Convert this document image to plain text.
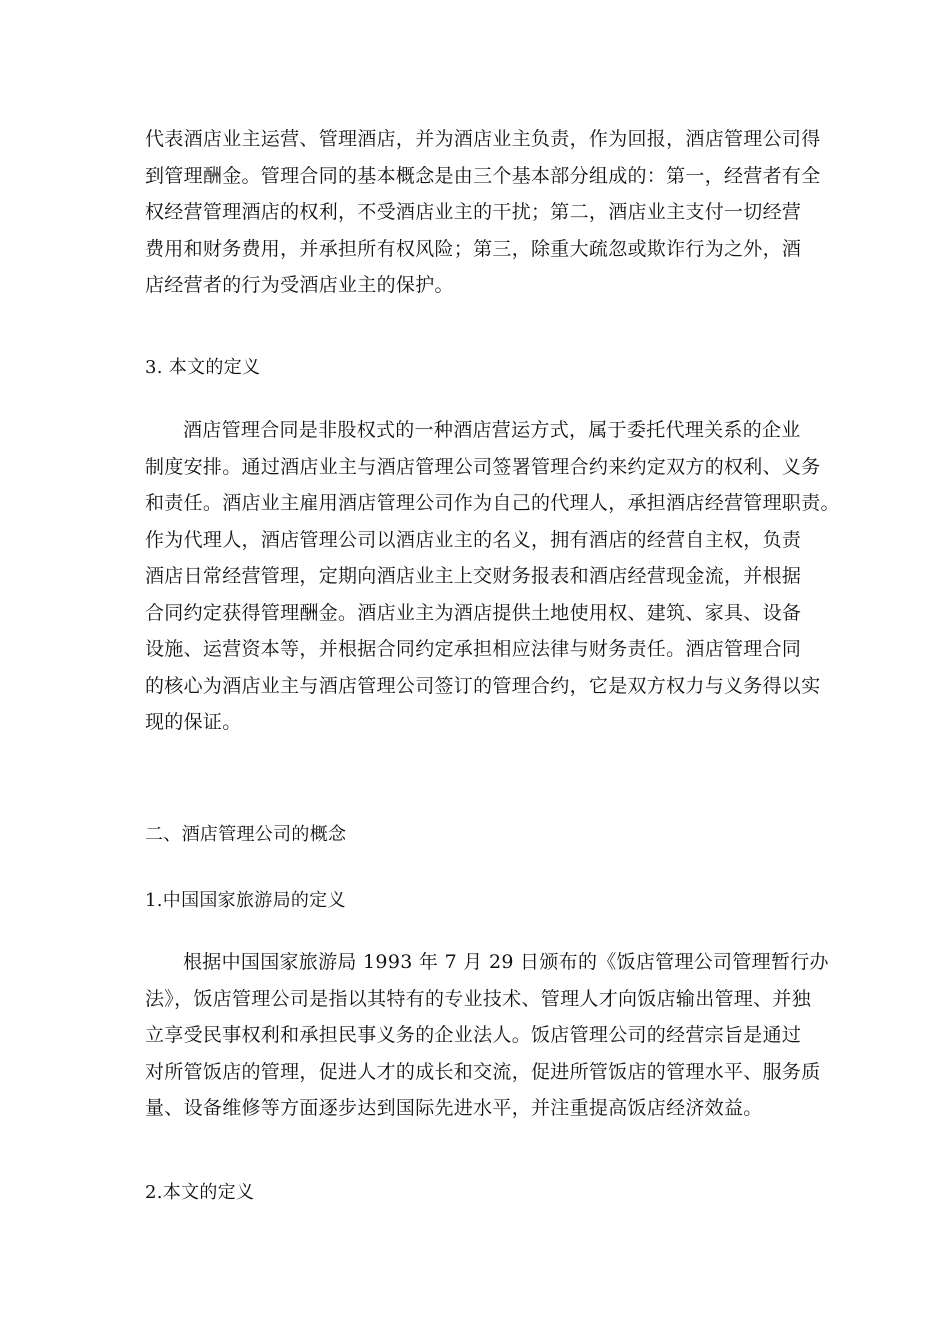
代表酒店业主运营、管理酒店，并为酒店业主负责，作为回报，酒店管理公司得
到管理酬金。管理合同的基本概念是由三个基本部分组成的：第一，经营者有全
权经营管理酒店的权利，不受酒店业主的干扰；第二，酒店业主支付一切经营
费用和财务费用，并承担所有权风险；第三，除重大疏忽或欺诈行为之外，酒
店经营者的行为受酒店业主的保护。
3. 本文的定义
酒店管理合同是非股权式的一种酒店营运方式，属于委托代理关系的企业
制度安排。通过酒店业主与酒店管理公司签署管理合约来约定双方的权利、义务
和责任。酒店业主雇用酒店管理公司作为自己的代理人，承担酒店经营管理职责。
作为代理人，酒店管理公司以酒店业主的名义，拥有酒店的经营自主权，负责
酒店日常经营管理，定期向酒店业主上交财务报表和酒店经营现金流，并根据
合同约定获得管理酬金。酒店业主为酒店提供土地使用权、建筑、家具、设备
设施、运营资本等，并根据合同约定承担相应法律与财务责任。酒店管理合同
的核心为酒店业主与酒店管理公司签订的管理合约，它是双方权力与义务得以实
现的保证。
二、酒店管理公司的概念
1.中国国家旅游局的定义
根据中国国家旅游局 1993 年 7 月 29 日颁布的《饭店管理公司管理暂行办
法》，饭店管理公司是指以其特有的专业技术、管理人才向饭店输出管理、并独
立享受民事权利和承担民事义务的企业法人。饭店管理公司的经营宗旨是通过
对所管饭店的管理，促进人才的成长和交流，促进所管饭店的管理水平、服务质
量、设备维修等方面逐步达到国际先进水平，并注重提高饭店经济效益。
2.本文的定义
